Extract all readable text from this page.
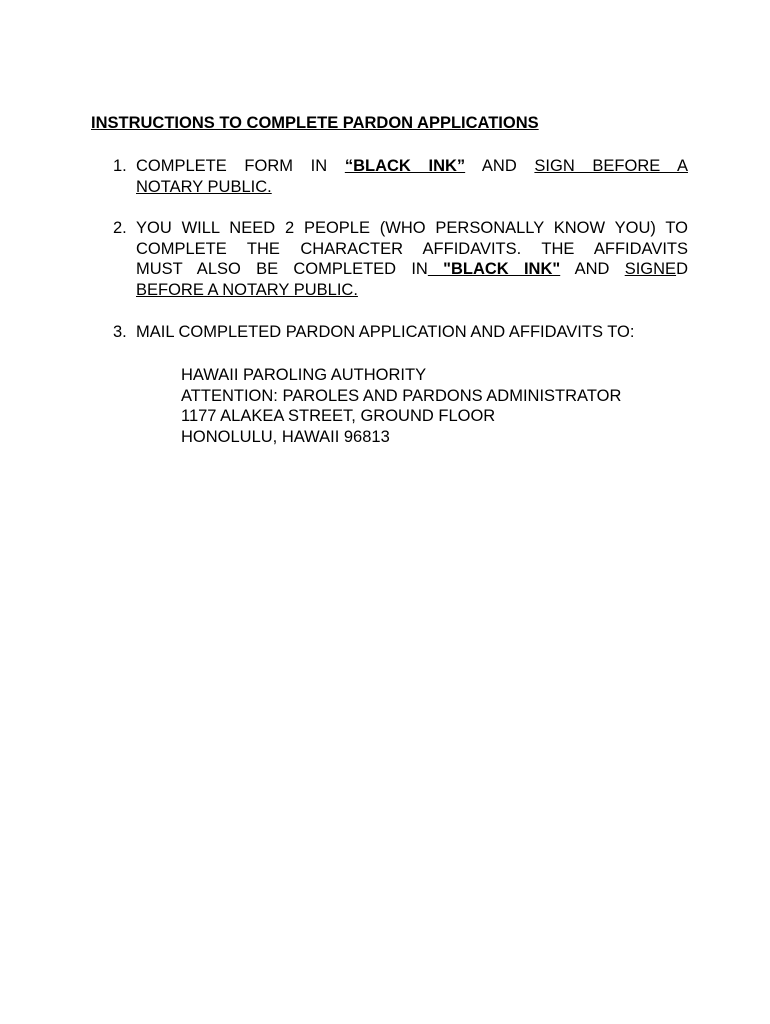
INSTRUCTIONS TO COMPLETE PARDON APPLICATIONS
1. COMPLETE FORM IN “BLACK INK” AND SIGN BEFORE A
NOTARY PUBLIC.
2. YOU WILL NEED 2 PEOPLE (WHO PERSONALLY KNOW YOU) TO
COMPLETE THE CHARACTER AFFIDAVITS. THE AFFIDAVITS
MUST ALSO BE COMPLETED IN "BLACK INK" AND SIGNED
BEFORE A NOTARY PUBLIC.
3. MAIL COMPLETED PARDON APPLICATION AND AFFIDAVITS TO:
HAWAII PAROLING AUTHORITY
ATTENTION: PAROLES AND PARDONS ADMINISTRATOR
1177 ALAKEA STREET, GROUND FLOOR
HONOLULU, HAWAII 96813
